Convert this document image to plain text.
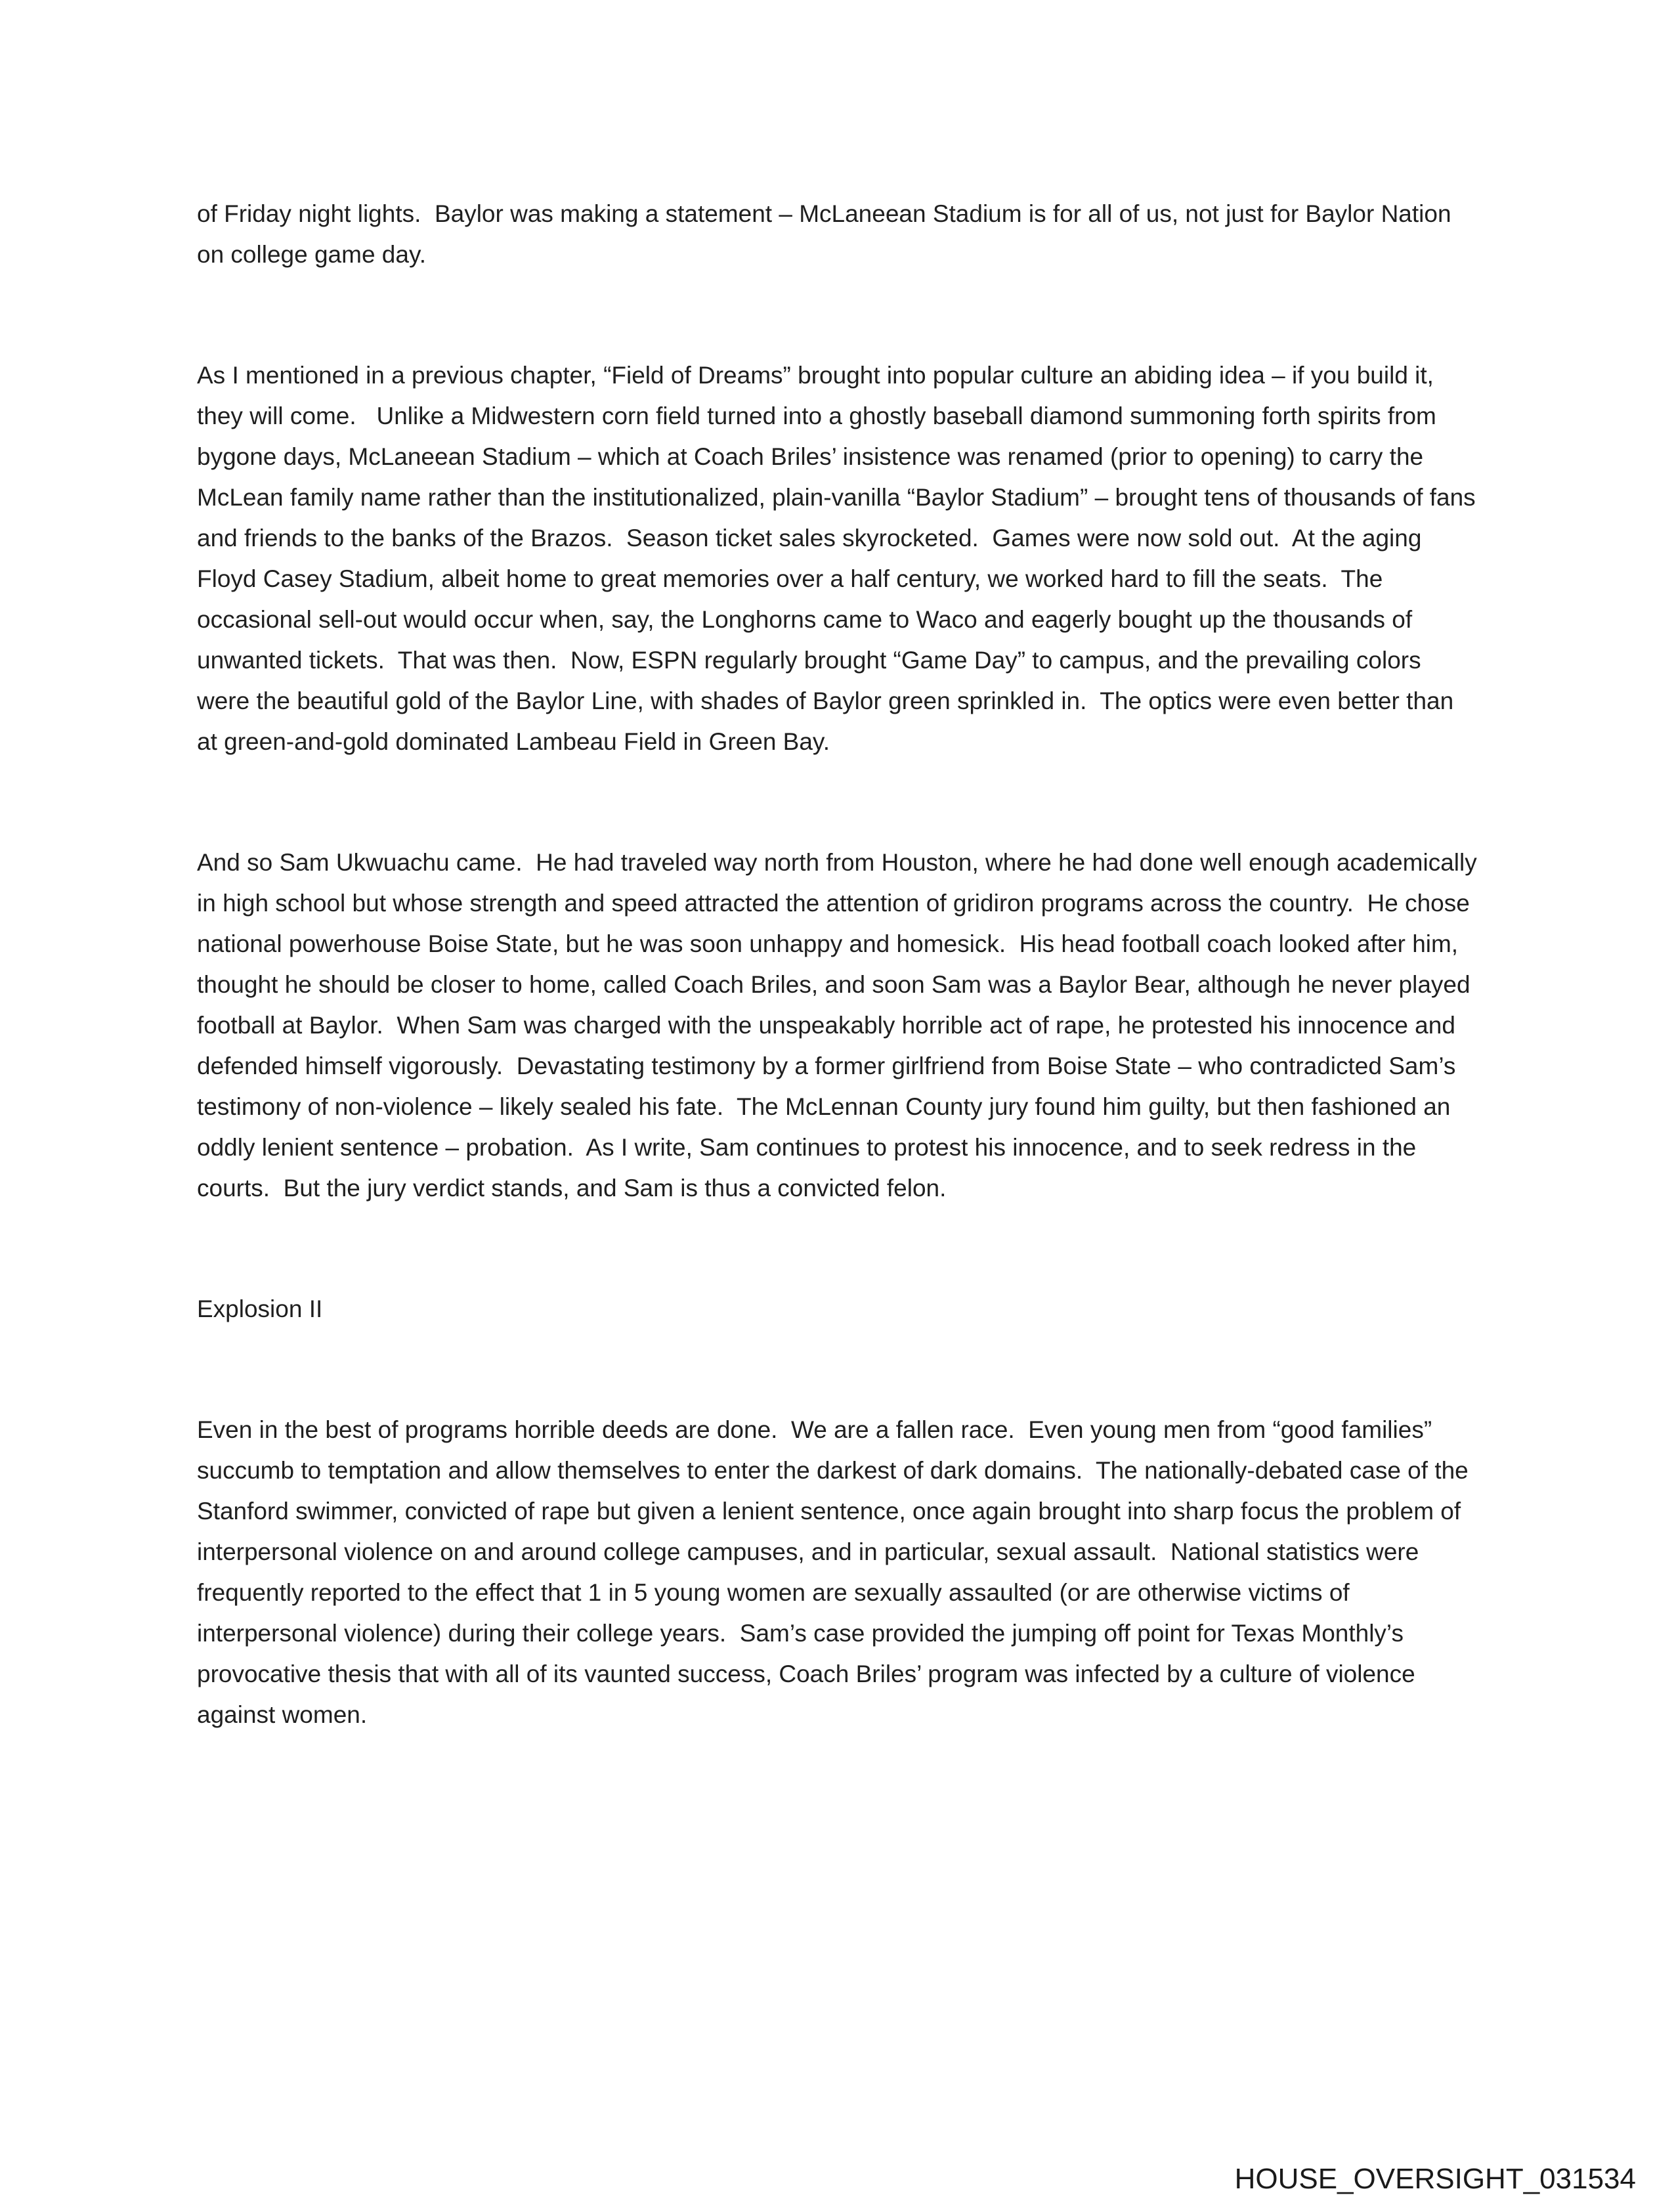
of Friday night lights.  Baylor was making a statement – McLaneean Stadium is for all of us, not just for Baylor Nation on college game day.

As I mentioned in a previous chapter, “Field of Dreams” brought into popular culture an abiding idea – if you build it, they will come.   Unlike a Midwestern corn field turned into a ghostly baseball diamond summoning forth spirits from bygone days, McLaneean Stadium – which at Coach Briles’ insistence was renamed (prior to opening) to carry the McLean family name rather than the institutionalized, plain-vanilla “Baylor Stadium” – brought tens of thousands of fans and friends to the banks of the Brazos.  Season ticket sales skyrocketed.  Games were now sold out.  At the aging Floyd Casey Stadium, albeit home to great memories over a half century, we worked hard to fill the seats.  The occasional sell-out would occur when, say, the Longhorns came to Waco and eagerly bought up the thousands of unwanted tickets.  That was then.  Now, ESPN regularly brought “Game Day” to campus, and the prevailing colors were the beautiful gold of the Baylor Line, with shades of Baylor green sprinkled in.  The optics were even better than at green-and-gold dominated Lambeau Field in Green Bay.

And so Sam Ukwuachu came.  He had traveled way north from Houston, where he had done well enough academically in high school but whose strength and speed attracted the attention of gridiron programs across the country.  He chose national powerhouse Boise State, but he was soon unhappy and homesick.  His head football coach looked after him, thought he should be closer to home, called Coach Briles, and soon Sam was a Baylor Bear, although he never played football at Baylor.  When Sam was charged with the unspeakably horrible act of rape, he protested his innocence and defended himself vigorously.  Devastating testimony by a former girlfriend from Boise State – who contradicted Sam’s testimony of non-violence – likely sealed his fate.  The McLennan County jury found him guilty, but then fashioned an oddly lenient sentence – probation.  As I write, Sam continues to protest his innocence, and to seek redress in the courts.  But the jury verdict stands, and Sam is thus a convicted felon.

Explosion II

Even in the best of programs horrible deeds are done.  We are a fallen race.  Even young men from “good families” succumb to temptation and allow themselves to enter the darkest of dark domains.  The nationally-debated case of the Stanford swimmer, convicted of rape but given a lenient sentence, once again brought into sharp focus the problem of interpersonal violence on and around college campuses, and in particular, sexual assault.  National statistics were frequently reported to the effect that 1 in 5 young women are sexually assaulted (or are otherwise victims of interpersonal violence) during their college years.  Sam’s case provided the jumping off point for Texas Monthly’s provocative thesis that with all of its vaunted success, Coach Briles’ program was infected by a culture of violence against women.

HOUSE_OVERSIGHT_031534
